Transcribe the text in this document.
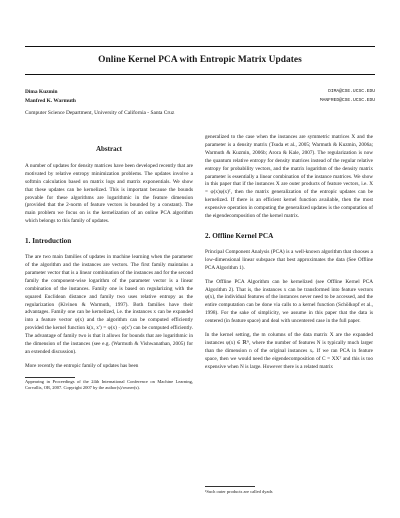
Online Kernel PCA with Entropic Matrix Updates
Dima Kuzmin	DIMA@CSE.UCSC.EDU
Manfred K. Warmuth	MANFRED@CSE.UCSC.EDU
Computer Science Department, University of California - Santa Cruz
Abstract

A number of updates for density matrices have been developed recently that are motivated by relative entropy minimization problems. The updates involve a softmin calculation based on matrix logs and matrix exponentials. We show that these updates can be kernelized. This is important because the bounds provable for these algorithms are logarithmic in the feature dimension (provided that the 2-norm of feature vectors is bounded by a constant). The main problem we focus on is the kernelization of an online PCA algorithm which belongs to this family of updates.

1. Introduction

The are two main families of updates in machine learning when the parameter of the algorithm and the instances are vectors. The first family maintains a parameter vector that is a linear combination of the instances and for the second family the component-wise logarithm of the parameter vector is a linear combination of the instances. Family one is based on regularizing with the squared Euclidean distance and family two uses relative entropy as the regularization (Kivinen & Warmuth, 1997). Both families have their advantages. Family one can be kernelized, i.e. the instances x can be expanded into a feature vector φ(x) and the algorithm can be computed efficiently provided the kernel function k(x, x′) = φ(x) · φ(x′) can be computed efficiently. The advantage of family two is that it allows for bounds that are logarithmic in the dimension of the instances (see e.g. (Warmuth & Vishwanathan, 2005) for an extended discussion).

More recently the entropic family of updates has been

Appearing in Proceedings of the 24th International Conference on Machine Learning, Corvallis, OR, 2007. Copyright 2007 by the author(s)/owner(s).

generalized to the case when the instances are symmetric matrices X and the parameter is a density matrix (Tsuda et al., 2005; Warmuth & Kuzmin, 2006a; Warmuth & Kuzmin, 2006b; Arora & Kale, 2007). The regularization is now the quantum relative entropy for density matrices instead of the regular relative entropy for probability vectors, and the matrix logarithm of the density matrix parameter is essentially a linear combination of the instance matrices. We show in this paper that if the instances X are outer products of feature vectors, i.e. X = φ(x)φ(x)ᵀ, then the matrix generalization of the entropic updates can be kernelized. If there is an efficient kernel function available, then the most expensive operation in computing the generalized updates is the computation of the eigendecomposition of the kernel matrix.

2. Offline Kernel PCA

Principal Component Analysis (PCA) is a well-known algorithm that chooses a low-dimensional linear subspace that best approximates the data (See Offline PCA Algorithm 1).

The Offline PCA Algorithm can be kernelized (see Offline Kernel PCA Algorithm 2). That is, the instances x can be transformed into feature vectors φ(x), the individual features of the instances never need to be accessed, and the entire computation can be done via calls to a kernel function (Schölkopf et al., 1998). For the sake of simplicity, we assume in this paper that the data is centered (in feature space) and deal with uncentered case in the full paper.

In the kernel setting, the m columns of the data matrix X are the expanded instances φ(x) ∈ ℝᴺ, where the number of features N is typically much larger than the dimension n of the original instances xᵢ. If we ran PCA in feature space, then we would need the eigendecomposition of C = XXᵀ and this is too expensive when N is large. However there is a related matrix

¹Such outer products are called dyads
